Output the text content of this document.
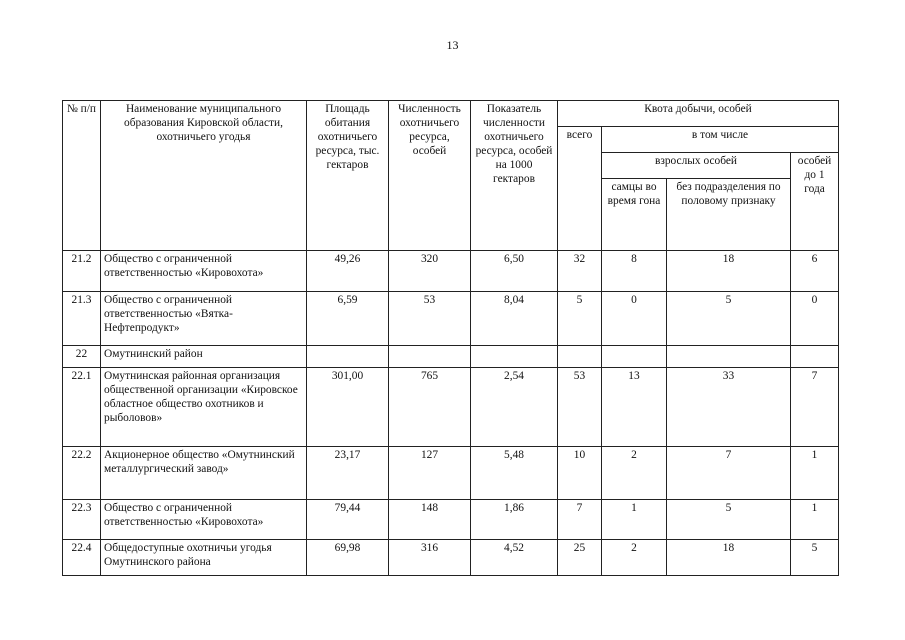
13
№ п/п	Наименование муниципального образования Кировской области, охотничьего угодья	Площадь обитания охотничьего ресурса, тыс. гектаров	Численность охотничьего ресурса, особей	Показатель численности охотничьего ресурса, особей на 1000 гектаров	Квота добычи, особей			
					всего	в том числе		
						взрослых особей		особей до 1 года
						самцы во время гона	без подразделения по половому признаку	
21.2	Общество с ограниченной ответственностью «Кировохота»	49,26	320	6,50	32	8	18	6
21.3	Общество с ограниченной ответственностью «Вятка-Нефтепродукт»	6,59	53	8,04	5	0	5	0
22	Омутнинский район							
22.1	Омутнинская районная организация общественной организации «Кировское областное общество охотников и рыболовов»	301,00	765	2,54	53	13	33	7
22.2	Акционерное общество «Омутнинский металлургический завод»	23,17	127	5,48	10	2	7	1
22.3	Общество с ограниченной ответственностью «Кировохота»	79,44	148	1,86	7	1	5	1
22.4	Общедоступные охотничьи угодья Омутнинского района	69,98	316	4,52	25	2	18	5
